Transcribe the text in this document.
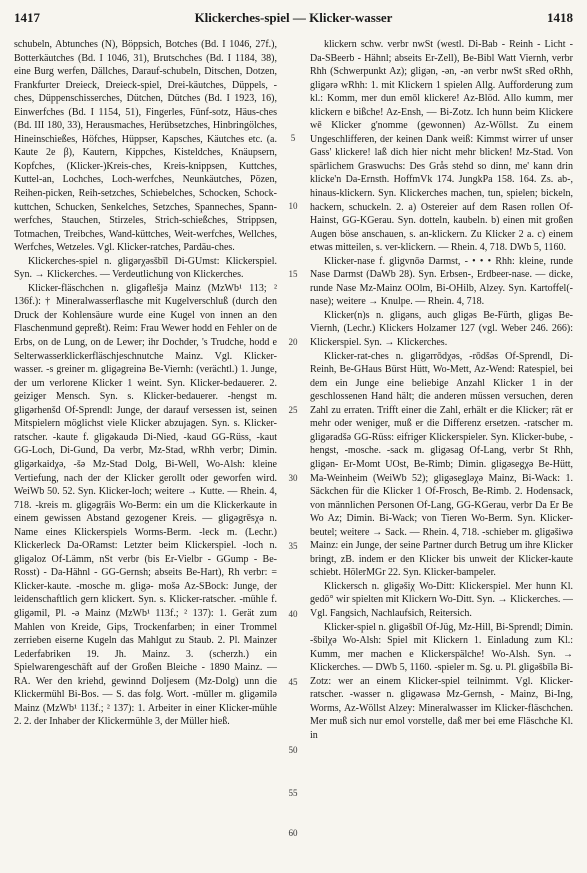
1417	Klickerches-spiel — Klicker-wasser	1418

schubeln, Abtunches (N), Böppsich, Botches (Bd. I 1046, 27f.), Botterkäutches (Bd. I 1046, 31), Brutschches (Bd. I 1184, 38), eine Burg werfen, Dällches, Darauf-schubeln, Ditschen, Dotzen, Frankfurter Dreieck, Dreieck-spiel, Drei-käutches, Düppels, -ches, Düppenschisserches, Dütchen, Dütches (Bd. I 1923, 16), Einwerfches (Bd. I 1154, 51), Fingerles, Fünf-sotz, Häus-ches (Bd. III 180, 33), Herausmaches, Herübsetzches, Hinbringölches, Hineinschießes, Höfches, Hüppser, Kapsches, Käutches etc. (a. Kaute 2e β), Kautern, Kippches, Kisteldches, Knäupsern, Kopfches, (Klicker-)Kreis-ches, Kreis-knippsen, Kuttches, Kuttel-an, Lochches, Loch-werfches, Neunkäutches, Pözen, Reihen-picken, Reih-setzches, Schiebelches, Schocken, Schock-kuttchen, Schucken, Senkelches, Setzches, Spanneches, Spann-werfches, Stauchen, Stirzeles, Strich-schießches, Strippsen, Totmachen, Treibches, Wand-küttches, Weit-werfches, Wellches, Werfches, Wetzeles. Vgl. Klicker-ratches, Pardäu-ches.

Klickerches-spiel n. gligərχəsšbīl Di-GUmst: Klickerspiel. Syn. → Klickerches. — Verdeutlichung von Klickerches.

Klicker-fläschchen n. gligəflešjə Mainz (MzWb¹ 113; ² 136f.): † Mineralwasserflasche mit Kugelverschluß (durch den Druck der Kohlensäure wurde eine Kugel von innen an den Flaschenmund gepreßt). Reim: Frau Wewer hodd en Fehler on de Erbs, on de Lung, on de Lewer; ihr Dochder, 's Trudche, hodd e Selterwasserklickerfläschjeschnutche Mainz. Vgl. Klicker-wasser. -s greiner m. gligəgreinə Be-Viernh: (verächtl.) 1. Junge, der um verlorene Klicker 1 weint. Syn. Klicker-bedauerer. 2. geiziger Mensch. Syn. s. Klicker-bedauerer. -hengst m. gligərhenšd Of-Sprendl: Junge, der darauf versessen ist, seinen Mitspielern möglichst viele Klicker abzujagen. Syn. s. Klicker-ratscher. -kaute f. gligəkaudə Di-Nied, -kaud GG-Rüss, -kaut GG-Loch, Di-Gund, Da verbr, Mz-Stad, wRhh verbr; Dimin. gligərkaidχə, -šə Mz-Stad Dolg, Bi-Well, Wo-Alsh: kleine Vertiefung, nach der der Klicker gerollt oder geworfen wird. WeiWb 50. 52. Syn. Klicker-loch; weitere → Kutte. — Rhein. 4, 718. -kreis m. gligəgrāis Wo-Berm: ein um die Klickerkaute in einem gewissen Abstand gezogener Kreis. — gligəgrēsχə n. Name eines Klickerspiels Worms-Berm. -leck m. (Lechr.) Klickerleck Da-ORamst: Letzter beim Klickerspiel. -loch n. gligəloz Of-Lämm, nSt verbr (bis Er-Vielbr - GGump - Be-Rosst) - Da-Hähnl - GG-Gernsh; abseits Be-Hart), Rh verbr: = Klicker-kaute. -mosche m. gligə- mošə Az-SBock: Junge, der leidenschaftlich gern klickert. Syn. s. Klicker-ratscher. -mühle f. gligəmil, Pl. -ə Mainz (MzWb¹ 113f.; ² 137): 1. Gerät zum Mahlen von Kreide, Gips, Trockenfarben; in einer Trommel zerrieben eiserne Kugeln das Mahlgut zu Staub. 2. Pl. Mainzer Lederfabriken 19. Jh. Mainz. 3. (scherzh.) ein Spielwarengeschäft auf der Großen Bleiche - 1890 Mainz. — RA. Wer den kriehd, gewinnd Doljesem (Mz-Dolg) unn die Klickermühl Bi-Bos. — S. das folg. Wort. -müller m. gligəmilə Mainz (MzWb¹ 113f.; ² 137): 1. Arbeiter in einer Klicker-mühle 2. 2. der Inhaber der Klickermühle 3, der Müller hieß.

5
10
15
20
25
30
35
40
45
50
55
60

klickern schw. verbr nwSt (westl. Di-Bab - Reinh - Licht - Da-SBeerb - Hähnl; abseits Er-Zell), Be-Bibl Watt Viernh, verbr Rhh (Schwerpunkt Az); gligən, -ən, -ən verbr nwSt sRed oRhh, gligərə wRhh: 1. mit Klickern 1 spielen Allg. Aufforderung zum kl.: Komm, mer dun emōl klickere! Az-Blöd. Allo kumm, mer klickern e bißche! Az-Ensh, — Bi-Zotz. Ich hunn beim Klickere wē Klicker g'nomme (gewonnen) Az-Wöllst. Zu einem Ungeschlifferen, der keinen Dank weiß: Kimmst wirrer uf unser Gass' klickere! laß dich hier nicht mehr blicken! Mz-Stad. Von spärlichem Graswuchs: Des Grås stehd so dinn, me' kann drin klicke'n Da-Ernsth. HoffmVk 174. JungkPa 158. 164. Zs. ab-, hinaus-klickern. Syn. Klickerches machen, tun, spielen; bickeln, hackern, schuckeln. 2. a) Ostereier auf dem Rasen rollen Of-Hainst, GG-KGerau. Syn. dotteln, kaubeln. b) einen mit großen Augen böse anschauen, s. an-klickern. Zu Klicker 2 a. c) einem etwas mitteilen, s. ver-klickern. — Rhein. 4, 718. DWb 5, 1160.

Klicker-nase f. gligvnōə Darmst, - • • • Rhh: kleine, runde Nase Darmst (DaWb 28). Syn. Erbsen-, Erdbeer-nase. — dicke, runde Nase Mz-Mainz OOlm, Bi-OHilb, Alzey. Syn. Kartoffel(-nase); weitere → Knulpe. — Rhein. 4, 718.

Klicker(n)s n. gligəns, auch gligəs Be-Fürth, gligəs Be-Viernh, (Lechr.) Klickers Holzamer 127 (vgl. Weber 246. 266): Klickerspiel. Syn. → Klickerches.

Klicker-rat-ches n. gligərrōdχəs, -rōdšəs Of-Sprendl, Di-Reinh, Be-GHaus Bürst Hütt, Wo-Mett, Az-Wend: Ratespiel, bei dem ein Junge eine beliebige Anzahl Klicker 1 in der geschlossenen Hand hält; die anderen müssen versuchen, deren Zahl zu erraten. Trifft einer die Zahl, erhält er die Klicker; rät er mehr oder weniger, muß er die Differenz ersetzen. -ratscher m. gligəradšə GG-Rüss: eifriger Klickerspieler. Syn. Klicker-bube, -hengst, -mosche. -sack m. gligəsag Of-Lang, verbr St Rhh, gligən- Er-Momt UOst, Be-Rimb; Dimin. gligəsegχə Be-Hütt, Ma-Weinheim (WeiWb 52); gligəsegləχə Mainz, Bi-Wack: 1. Säckchen für die Klicker 1 Of-Frosch, Be-Rimb. 2. Hodensack, von männlichen Personen Of-Lang, GG-KGerau, verbr Da Er Be Wo Az; Dimin. Bi-Wack; von Tieren Wo-Berm. Syn. Klicker-beutel; weitere → Sack. — Rhein. 4, 718. -schieber m. gligəšiwə Mainz: ein Junge, der seine Partner durch Betrug um ihre Klicker bringt, zB. indem er den Klicker bis unweit der Klicker-kaute schiebt. HölerMGr 22. Syn. Klicker-bampeler.

Klickersch n. gligəšiχ Wo-Ditt: Klickerspiel. Mer hunn Kl. gedö° wir spielten mit Klickern Wo-Ditt. Syn. → Klickerches. — Vgl. Fangsich, Nachlaufsich, Reitersich.

Klicker-spiel n. gligəšbīl Of-Jüg, Mz-Hill, Bi-Sprendl; Dimin. -šbilχə Wo-Alsh: Spiel mit Klickern 1. Einladung zum Kl.: Kumm, mer machen e Klickerspälche! Wo-Alsh. Syn. → Klickerches. — DWb 5, 1160. -spieler m. Sg. u. Pl. gligəšbīlə Bi-Zotz: wer an einem Klicker-spiel teilnimmt. Vgl. Klicker-ratscher. -wasser n. gligəwasə Mz-Gernsh, - Mainz, Bi-Ing, Worms, Az-Wöllst Alzey: Mineralwasser im Klicker-fläschchen. Mer muß sich nur emol vorstelle, daß mer bei eme Fläschche Kl. in
